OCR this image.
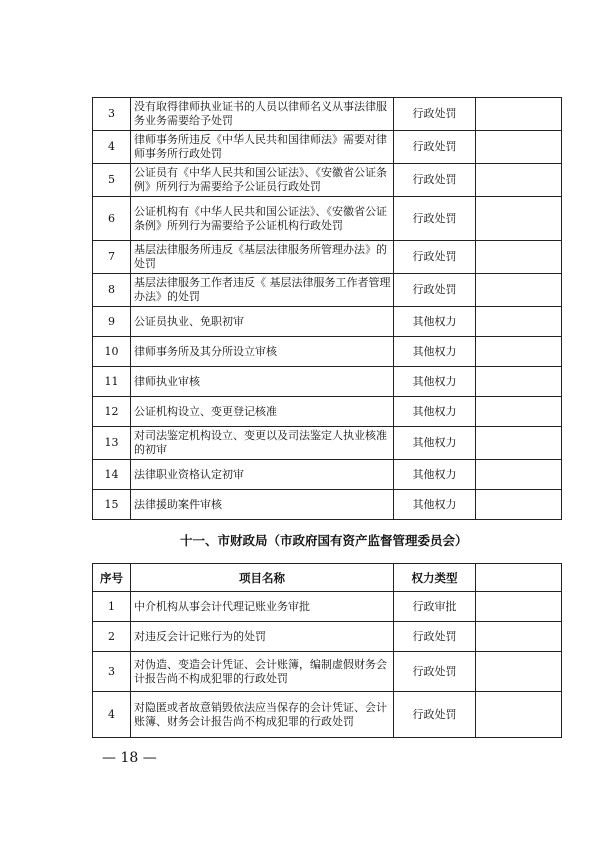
3	没有取得律师执业证书的人员以律师名义从事法律服务业务需要给予处罚	行政处罚	
4	律师事务所违反《中华人民共和国律师法》需要对律师事务所行政处罚	行政处罚	
5	公证员有《中华人民共和国公证法》、《安徽省公证条例》所列行为需要给予公证员行政处罚	行政处罚	
6	公证机构有《中华人民共和国公证法》、《安徽省公证条例》所列行为需要给予公证机构行政处罚	行政处罚	
7	基层法律服务所违反《基层法律服务所管理办法》的处罚	行政处罚	
8	基层法律服务工作者违反《 基层法律服务工作者管理办法》的处罚	行政处罚	
9	公证员执业、免职初审	其他权力	
10	律师事务所及其分所设立审核	其他权力	
11	律师执业审核	其他权力	
12	公证机构设立、变更登记核准	其他权力	
13	对司法鉴定机构设立、变更以及司法鉴定人执业核准的初审	其他权力	
14	法律职业资格认定初审	其他权力	
15	法律援助案件审核	其他权力	
十一、市财政局（市政府国有资产监督管理委员会）
序号	项目名称	权力类型	
1	中介机构从事会计代理记账业务审批	行政审批	
2	对违反会计记账行为的处罚	行政处罚	
3	对伪造、变造会计凭证、会计账簿，编制虚假财务会计报告尚不构成犯罪的行政处罚	行政处罚	
4	对隐匿或者故意销毁依法应当保存的会计凭证、会计账簿、财务会计报告尚不构成犯罪的行政处罚	行政处罚	
— 18 —
